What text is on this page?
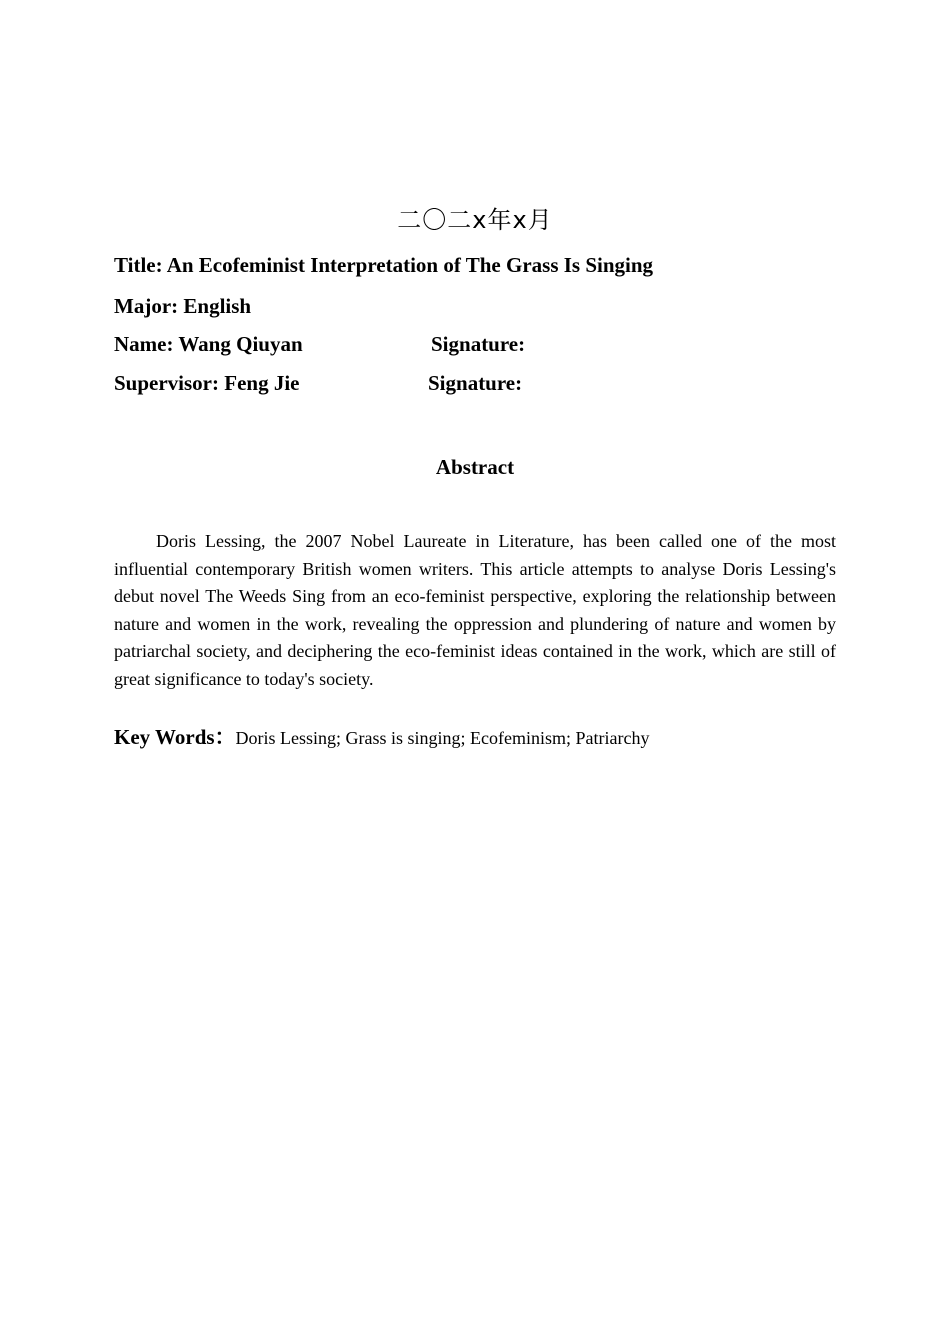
二〇二x年x月
Title: An Ecofeminist Interpretation of The Grass Is Singing
Major: English
Name: Wang Qiuyan	Signature:
Supervisor: Feng Jie	Signature:
Abstract

Doris Lessing, the 2007 Nobel Laureate in Literature, has been called one of the most influential contemporary British women writers. This article attempts to analyse Doris Lessing's debut novel The Weeds Sing from an eco-feminist perspective, exploring the relationship between nature and women in the work, revealing the oppression and plundering of nature and women by patriarchal society, and deciphering the eco-feminist ideas contained in the work, which are still of great significance to today's society.

Key Words：Doris Lessing; Grass is singing; Ecofeminism; Patriarchy
